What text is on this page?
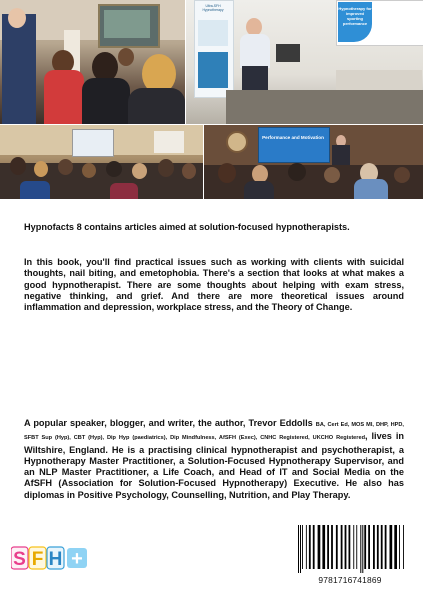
Ultra-SFH Hypnotherapy	Hypnotherapy for improved sporting performance
Performance and Motivation

Hypnofacts 8 contains articles aimed at solution-focused hypnotherapists.

In this book, you'll find practical issues such as working with clients with suicidal thoughts, nail biting, and emetophobia. There's a section that looks at what makes a good hypnotherapist. There are some thoughts about helping with exam stress, negative thinking, and grief. And there are more theoretical issues around inflammation and depression, workplace stress, and the Theory of Change.

A popular speaker, blogger, and writer, the author, Trevor Eddolls BA, Cert Ed, MOS MI, DHP, HPD, SFBT Sup (Hyp), CBT (Hyp), Dip Hyp (paediatrics), Dip Mindfulness, AfSFH (Exec), CNHC Registered, UKCHO Registered, lives in Wiltshire, England. He is a practising clinical hypnotherapist and psychotherapist, a Hypnotherapy Master Practitioner, a Solution-Focused Hypnotherapy Supervisor, and an NLP Master Practitioner, a Life Coach, and Head of IT and Social Media on the AfSFH (Association for Solution-Focused Hypnotherapy) Executive. He also has diplomas in Positive Psychology, Counselling, Nutrition, and Play Therapy.

S F H +
9781716741869
